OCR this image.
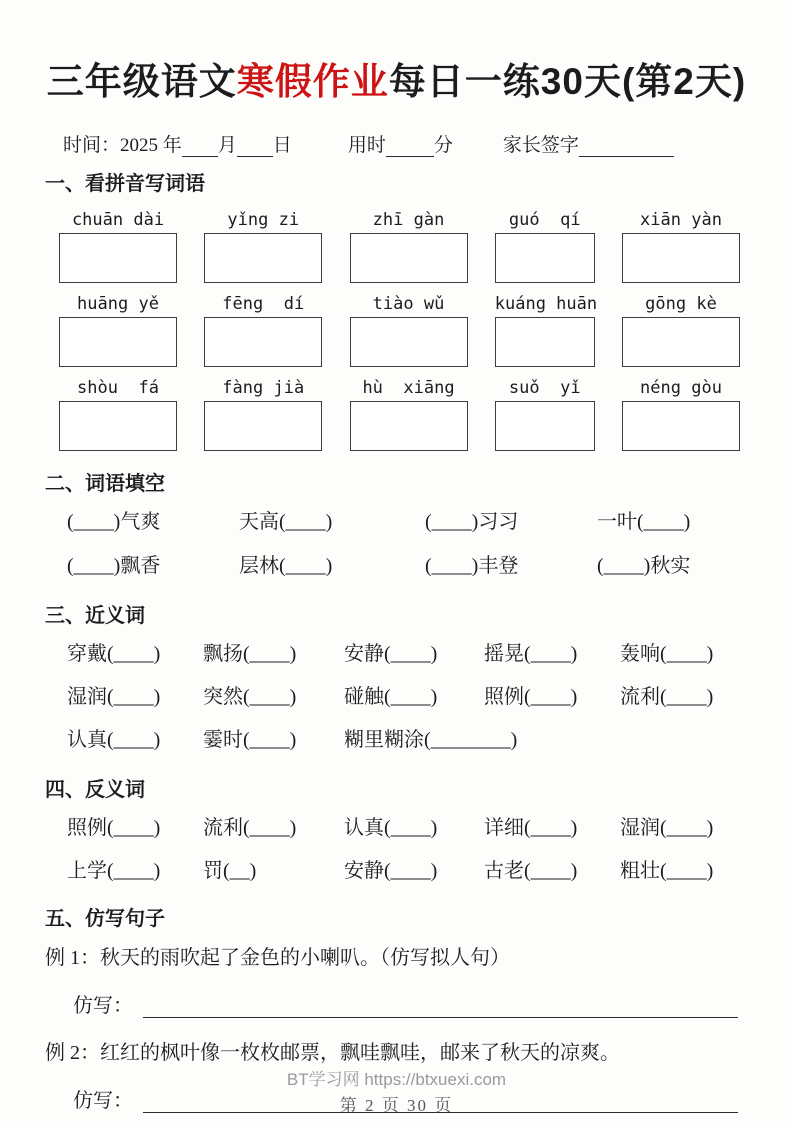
三年级语文寒假作业每日一练30天(第2天)
时间： 2025 年 月 日	用时	分	家长签字
一、看拼音写词语
chuān dài	yǐng zi	zhī gàn	guó  qí	xiān yàn
huāng yě	fēng  dí	tiào wǔ	kuáng huān	gōng kè
shòu  fá	fàng jià	hù  xiāng	suǒ  yǐ	néng gòu
二、词语填空
(____)气爽	天高(____)	(____)习习	一叶(____)
(____)飘香	层林(____)	(____)丰登	(____)秋实
三、近义词
穿戴(____)	飘扬(____)	安静(____)	摇晃(____)	轰响(____)
湿润(____)	突然(____)	碰触(____)	照例(____)	流利(____)
认真(____)	霎时(____)	糊里糊涂(________)
四、反义词
照例(____)	流利(____)	认真(____)	详细(____)	湿润(____)
上学(____)	罚(__)	安静(____)	古老(____)	粗壮(____)
五、仿写句子

例 1：秋天的雨吹起了金色的小喇叭。（仿写拟人句）

仿写：

例 2：红红的枫叶像一枚枚邮票，飘哇飘哇，邮来了秋天的凉爽。

仿写：
BT学习网 https://btxuexi.com
第 2 页 30 页
